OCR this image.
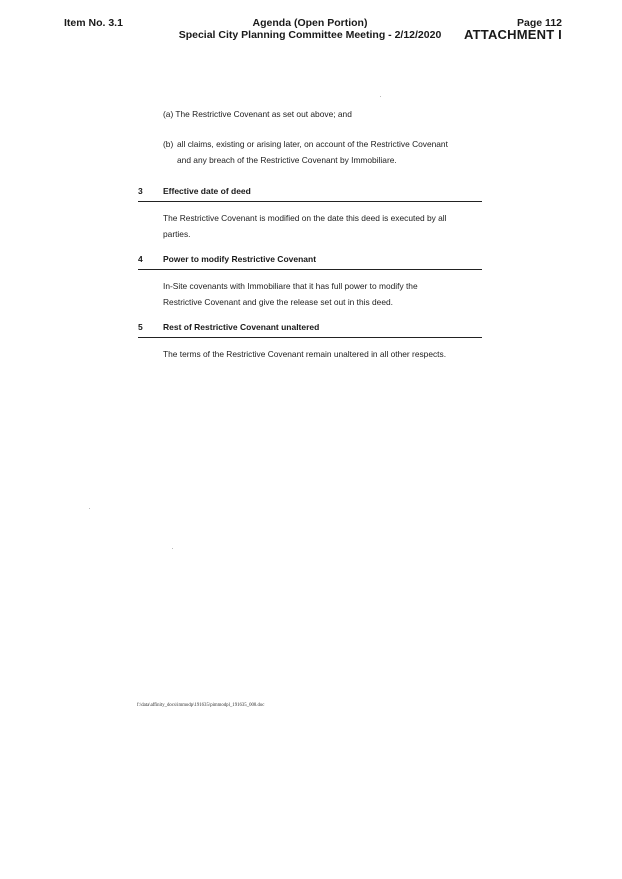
Item No. 3.1	Agenda (Open Portion)
Special City Planning Committee Meeting - 2/12/2020
Page 112
ATTACHMENT I
(a) The Restrictive Covenant as set out above; and
(b) all claims, existing or arising later, on account of the Restrictive Covenant
and any breach of the Restrictive Covenant by Immobiliare.
3 Effective date of deed
The Restrictive Covenant is modified on the date this deed is executed by all
parties.
4 Power to modify Restrictive Covenant
In-Site covenants with Immobiliare that it has full power to modify the
Restrictive Covenant and give the release set out in this deed.
5 Rest of Restrictive Covenant unaltered
The terms of the Restrictive Covenant remain unaltered in all other respects.
f:\data\affinity_docs\immodp\191635\pimmodpl_191635_008.doc
